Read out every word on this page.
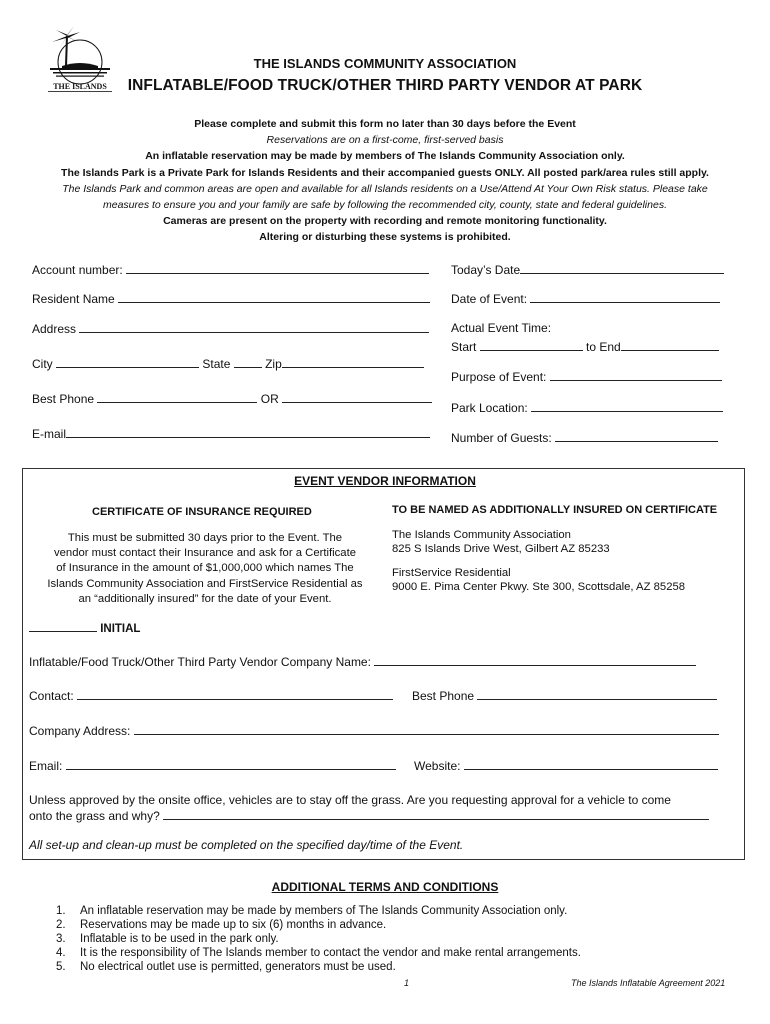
THE ISLANDS
THE ISLANDS COMMUNITY ASSOCIATION
INFLATABLE/FOOD TRUCK/OTHER THIRD PARTY VENDOR AT PARK
Please complete and submit this form no later than 30 days before the Event
Reservations are on a first-come, first-served basis
An inflatable reservation may be made by members of The Islands Community Association only.
The Islands Park is a Private Park for Islands Residents and their accompanied guests ONLY. All posted park/area rules still apply.
The Islands Park and common areas are open and available for all Islands residents on a Use/Attend At Your Own Risk status. Please take
measures to ensure you and your family are safe by following the recommended city, county, state and federal guidelines.
Cameras are present on the property with recording and remote monitoring functionality.
Altering or disturbing these systems is prohibited.
Account number:
Resident Name
Address
City	State	Zip
Best Phone	OR
E-mail
Today’s Date
Date of Event:
Actual Event Time:
Start	to End
Purpose of Event:
Park Location:
Number of Guests:
EVENT VENDOR INFORMATION
CERTIFICATE OF INSURANCE REQUIRED
This must be submitted 30 days prior to the Event. The
vendor must contact their Insurance and ask for a Certificate
of Insurance in the amount of $1,000,000 which names The
Islands Community Association and FirstService Residential as
an “additionally insured” for the date of your Event.
TO BE NAMED AS ADDITIONALLY INSURED ON CERTIFICATE
The Islands Community Association
825 S Islands Drive West, Gilbert AZ 85233
FirstService Residential
9000 E. Pima Center Pkwy. Ste 300, Scottsdale, AZ 85258
INITIAL
Inflatable/Food Truck/Other Third Party Vendor Company Name:
Contact:	Best Phone
Company Address:
Email:	Website:
Unless approved by the onsite office, vehicles are to stay off the grass. Are you requesting approval for a vehicle to come
onto the grass and why?
All set-up and clean-up must be completed on the specified day/time of the Event.
ADDITIONAL TERMS AND CONDITIONS
1. An inflatable reservation may be made by members of The Islands Community Association only.
2. Reservations may be made up to six (6) months in advance.
3. Inflatable is to be used in the park only.
4. It is the responsibility of The Islands member to contact the vendor and make rental arrangements.
5. No electrical outlet use is permitted, generators must be used.
1	The Islands Inflatable Agreement 2021
